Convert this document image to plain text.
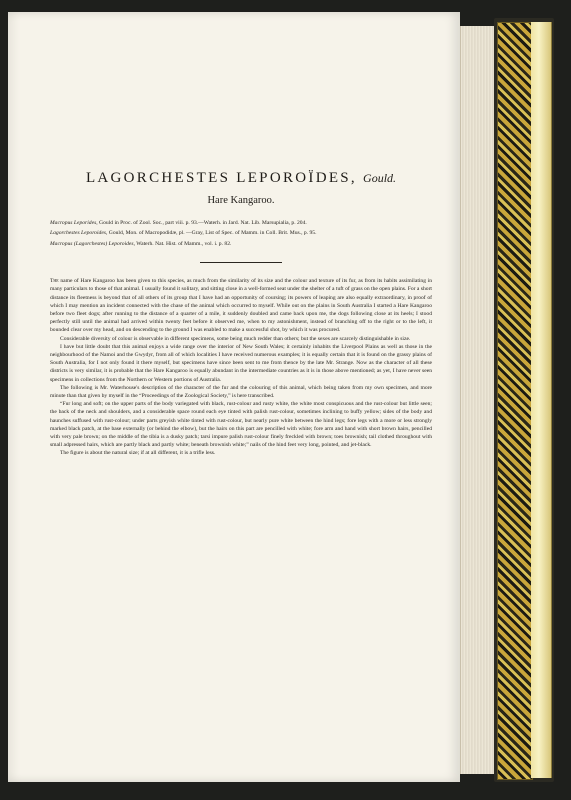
LAGORCHESTES LEPOROÏDES, Gould.
Hare Kangaroo.

Macropus Leporides, Gould in Proc. of Zool. Soc., part viii. p. 93.—Waterh. in Jard. Nat. Lib. Marsupialia, p. 204.

Lagorchestes Leporoides, Gould, Mon. of Macropodidæ, pl. —Gray, List of Spec. of Mamm. in Coll. Brit. Mus., p. 95.

Macropus (Lagorchestes) Leporoides, Waterh. Nat. Hist. of Mamm., vol. i. p. 82.

The name of Hare Kangaroo has been given to this species, as much from the similarity of its size and the colour and texture of its fur, as from its habits assimilating in many particulars to those of that animal. I usually found it solitary, and sitting close in a well-formed seat under the shelter of a tuft of grass on the open plains. For a short distance its fleetness is beyond that of all others of its group that I have had an opportunity of coursing; its powers of leaping are also equally extraordinary, in proof of which I may mention an incident connected with the chase of the animal which occurred to myself. While out on the plains in South Australia I started a Hare Kangaroo before two fleet dogs; after running to the distance of a quarter of a mile, it suddenly doubled and came back upon me, the dogs following close at its heels; I stood perfectly still until the animal had arrived within twenty feet before it observed me, when to my astonishment, instead of branching off to the right or to the left, it bounded clear over my head, and on descending to the ground I was enabled to make a successful shot, by which it was procured.

Considerable diversity of colour is observable in different specimens, some being much redder than others; but the sexes are scarcely distinguishable in size.

I have but little doubt that this animal enjoys a wide range over the interior of New South Wales; it certainly inhabits the Liverpool Plains as well as those in the neighbourhood of the Namoi and the Gwydyr, from all of which localities I have received numerous examples; it is equally certain that it is found on the grassy plains of South Australia, for I not only found it there myself, but specimens have since been sent to me from thence by the late Mr. Strange. Now as the character of all these districts is very similar, it is probable that the Hare Kangaroo is equally abundant in the intermediate countries as it is in those above mentioned; as yet, I have never seen specimens in collections from the Northern or Western portions of Australia.

The following is Mr. Waterhouse's description of the character of the fur and the colouring of this animal, which being taken from my own specimen, and more minute than that given by myself in the “Proceedings of the Zoological Society,” is here transcribed.

“Fur long and soft; on the upper parts of the body variegated with black, rust-colour and rusty white, the white most conspicuous and the rust-colour but little seen; the back of the neck and shoulders, and a considerable space round each eye tinted with palish rust-colour, sometimes inclining to buffy yellow; sides of the body and haunches suffused with rust-colour; under parts greyish white tinted with rust-colour, but nearly pure white between the hind legs; fore legs with a more or less strongly marked black patch, at the base externally (or behind the elbow), but the hairs on this part are pencilled with white; fore arm and hand with short brown hairs, pencilled with very pale brown; on the middle of the tibia is a dusky patch; tarsi impure palish rust-colour finely freckled with brown; toes brownish; tail clothed throughout with small adpressed hairs, which are partly black and partly white; beneath brownish white;” nails of the hind feet very long, pointed, and jet-black.

The figure is about the natural size; if at all different, it is a trifle less.
